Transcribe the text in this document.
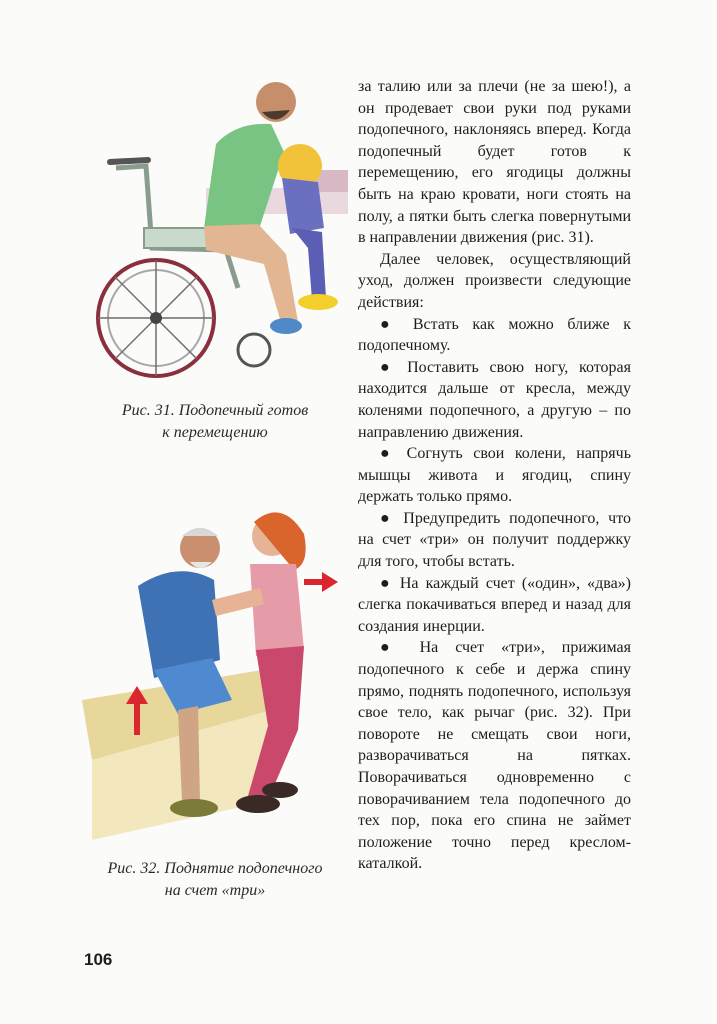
Рис. 31. Подопечный готов
к перемещению
Рис. 32. Поднятие подопечного
на счет «три»

за талию или за плечи (не за шею!), а он продевает свои руки под руками подопечного, наклоняясь вперед. Когда подопечный будет готов к перемещению, его ягодицы должны быть на краю кровати, ноги стоять на полу, а пятки быть слегка повернутыми в направлении движения (рис. 31).

Далее человек, осуществляющий уход, должен произвести следующие действия:

● Встать как можно ближе к подопечному.

● Поставить свою ногу, которая находится дальше от кресла, между коленями подопечного, а другую – по направлению движения.

● Согнуть свои колени, напрячь мышцы живота и ягодиц, спину держать только прямо.

● Предупредить подопечного, что на счет «три» он получит поддержку для того, чтобы встать.

● На каждый счет («один», «два») слегка покачиваться вперед и назад для создания инерции.

● На счет «три», прижимая подопечного к себе и держа спину прямо, поднять подопечного, используя свое тело, как рычаг (рис. 32). При повороте не смещать свои ноги, разворачиваться на пятках. Поворачиваться одновременно с поворачиванием тела подопечного до тех пор, пока его спина не займет положение точно перед креслом-каталкой.

106
